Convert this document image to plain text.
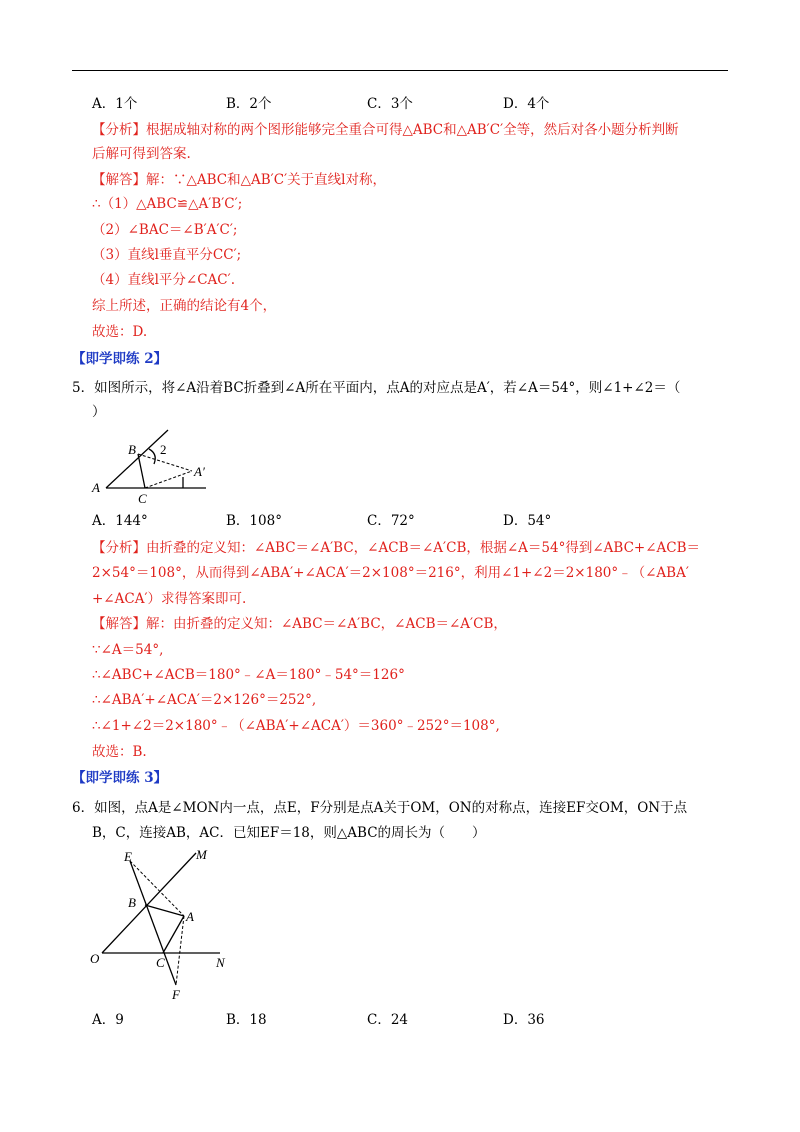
A．1个	B．2个	C．3个	D．4个
【分析】根据成轴对称的两个图形能够完全重合可得△ABC和△AB′C′全等，然后对各小题分析判断
后解可得到答案.
【解答】解：∵△ABC和△AB′C′关于直线l对称，
∴（1）△ABC≌△A′B′C′;
（2）∠BAC＝∠B′A′C′;
（3）直线l垂直平分CC′;
（4）直线l平分∠CAC′.
综上所述，正确的结论有4个，
故选：D.
【即学即练 2】
5．如图所示，将∠A沿着BC折叠到∠A所在平面内，点A的对应点是A′，若∠A＝54°，则∠1+∠2＝（
）
B 2
A′
A
C
A．144°	B．108°	C．72°	D．54°
【分析】由折叠的定义知：∠ABC＝∠A′BC，∠ACB＝∠A′CB，根据∠A＝54°得到∠ABC+∠ACB＝
2×54°＝108°，从而得到∠ABA′+∠ACA′＝2×108°＝216°，利用∠1+∠2＝2×180°﹣（∠ABA′
+∠ACA′）求得答案即可.
【解答】解：由折叠的定义知：∠ABC＝∠A′BC，∠ACB＝∠A′CB，
∵∠A＝54°,
∴∠ABC+∠ACB＝180°﹣∠A＝180°﹣54°＝126°
∴∠ABA′+∠ACA′＝2×126°＝252°,
∴∠1+∠2＝2×180°﹣（∠ABA′+∠ACA′）＝360°﹣252°＝108°,
故选：B.
【即学即练 3】
6．如图，点A是∠MON内一点，点E，F分别是点A关于OM，ON的对称点，连接EF交OM，ON于点
B，C，连接AB，AC．已知EF＝18，则△ABC的周长为（　　）
E	M
B
A
O	C	N
F
A．9	B．18	C．24	D．36
